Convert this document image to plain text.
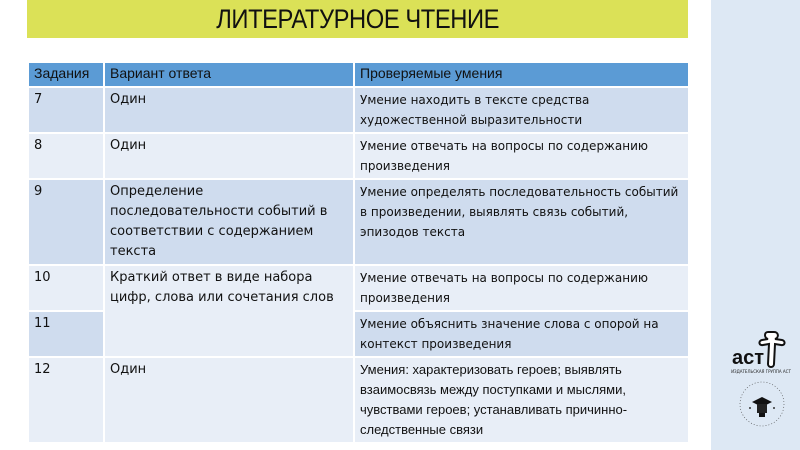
ЛИТЕРАТУРНОЕ ЧТЕНИЕ
Задания	Вариант ответа	Проверяемые умения
7	Один	Умение находить в тексте средства художественной выразительности
8	Один	Умение отвечать на вопросы по содержанию произведения
9	Определение последовательности событий в соответствии с содержанием текста	Умение определять последовательность событий в произведении, выявлять связь событий, эпизодов текста
10	Краткий ответ в виде набора цифр, слова или сочетания слов	Умение отвечать на вопросы по содержанию произведения
11		Умение объяснить значение слова с опорой на контекст произведения
12	Один	Умения: характеризовать героев; выявлять взаимосвязь между поступками и мыслями, чувствами героев; устанавливать причинно-следственные связи
аст
ИЗДАТЕЛЬСКАЯ ГРУППА АСТ
